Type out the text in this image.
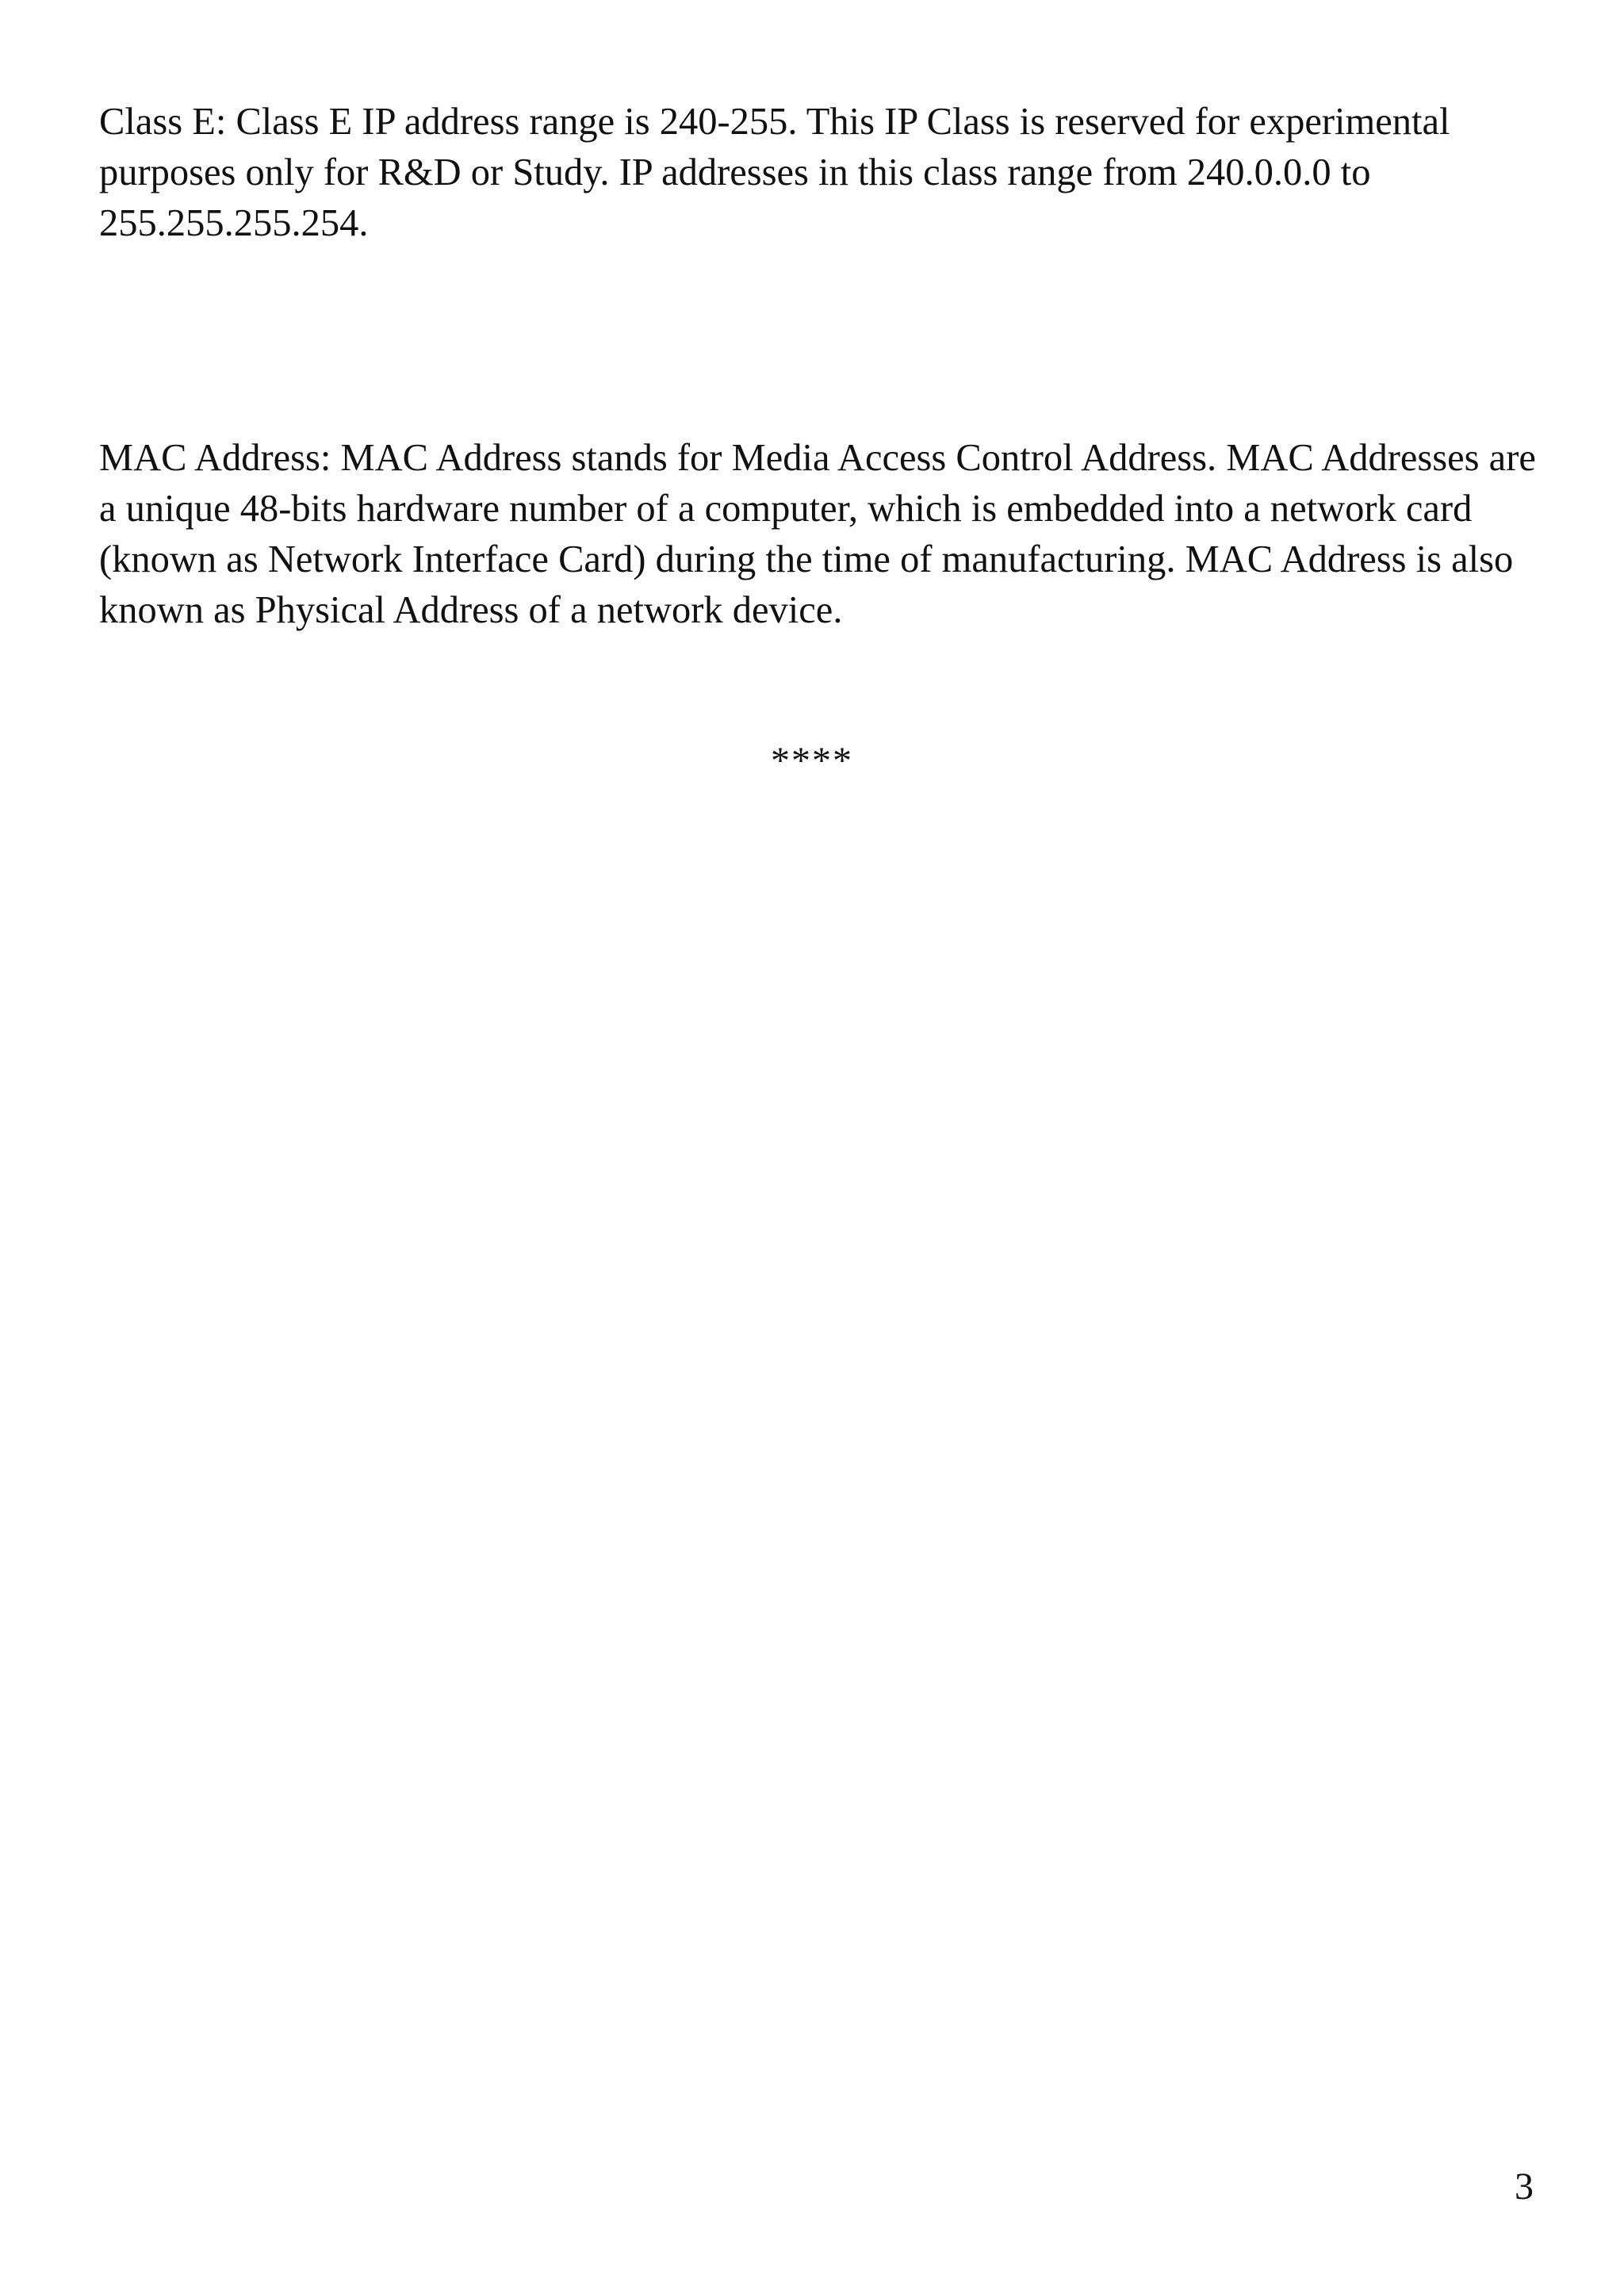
Class E: Class E IP address range is 240-255. This IP Class is reserved for experimental purposes only for R&D or Study. IP addresses in this class range from 240.0.0.0 to 255.255.255.254.

MAC Address: MAC Address stands for Media Access Control Address. MAC Addresses are a unique 48-bits hardware number of a computer, which is embedded into a network card (known as Network Interface Card) during the time of manufacturing. MAC Address is also known as Physical Address of a network device.

****
3
